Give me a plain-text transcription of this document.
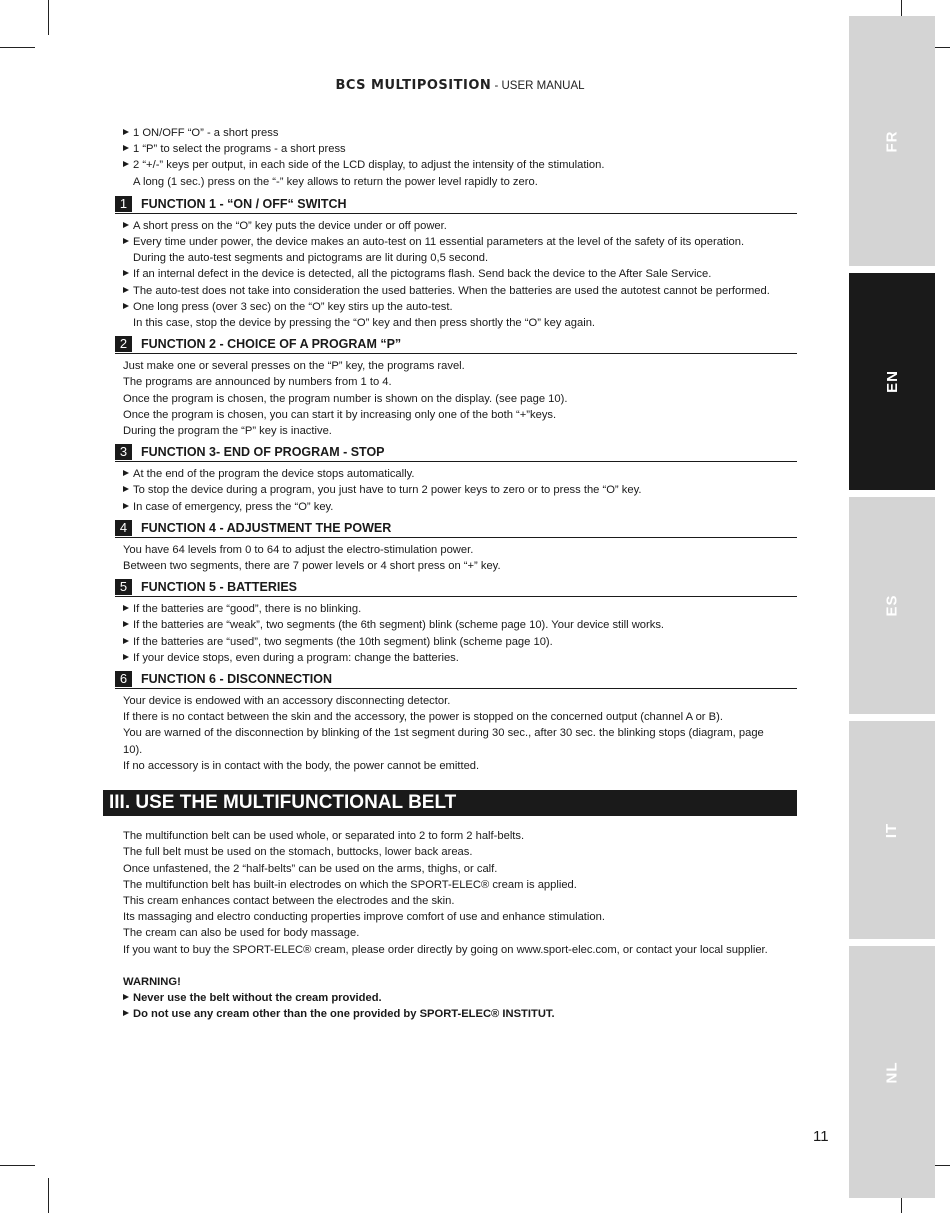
BCS MULTIPOSITION - USER MANUAL
1 ON/OFF “O” - a short press
1 “P” to select the programs - a short press
2 “+/-” keys per output, in each side of the LCD display, to adjust the intensity of the stimulation.
A long (1 sec.) press on the “-” key allows to return the power level rapidly to zero.
1	FUNCTION 1 - “ON / OFF“ SWITCH
A short press on the “O” key puts the device under or off power.
Every time under power, the device makes an auto-test on 11 essential parameters at the level of the safety of its operation.
During the auto-test segments and pictograms are lit during 0,5 second.
If an internal defect in the device is detected, all the pictograms flash. Send back the device to the After Sale Service.
The auto-test does not take into consideration the used batteries. When the batteries are used the autotest cannot be performed.
One long press (over 3 sec) on the “O” key stirs up the auto-test.
In this case, stop the device by pressing the “O” key and then press shortly the “O” key again.
2	FUNCTION 2 - CHOICE OF A PROGRAM “P”
Just make one or several presses on the “P” key, the programs ravel.
The programs are announced by numbers from 1 to 4.
Once the program is chosen, the program number is shown on the display. (see page 10).
Once the program is chosen, you can start it by increasing only one of the both “+”keys.
During the program the “P” key is inactive.
3	FUNCTION 3- END OF PROGRAM - STOP
At the end of the program the device stops automatically.
To stop the device during a program, you just have to turn 2 power keys to zero or to press the “O” key.
In case of emergency, press the “O” key.
4	FUNCTION 4 - ADJUSTMENT THE POWER
You have 64 levels from 0 to 64 to adjust the electro-stimulation power.
Between two segments, there are 7 power levels or 4 short press on “+” key.
5	FUNCTION 5 - BATTERIES
If the batteries are “good”, there is no blinking.
If the batteries are “weak”, two segments (the 6th segment) blink (scheme page 10). Your device still works.
If the batteries are “used”, two segments (the 10th segment) blink (scheme page 10).
If your device stops, even during a program: change the batteries.
6	FUNCTION 6 - DISCONNECTION
Your device is endowed with an accessory disconnecting detector.
If there is no contact between the skin and the accessory, the power is stopped on the concerned output (channel A or B).
You are warned of the disconnection by blinking of the 1st segment during 30 sec., after 30 sec. the blinking stops (diagram, page
10).
If no accessory is in contact with the body, the power cannot be emitted.
III. USE THE MULTIFUNCTIONAL BELT
The multifunction belt can be used whole, or separated into 2 to form 2 half-belts.
The full belt must be used on the stomach, buttocks, lower back areas.
Once unfastened, the 2 “half-belts” can be used on the arms, thighs, or calf.
The multifunction belt has built-in electrodes on which the SPORT-ELEC® cream is applied.
This cream enhances contact between the electrodes and the skin.
Its massaging and electro conducting properties improve comfort of use and enhance stimulation.
The cream can also be used for body massage.
If you want to buy the SPORT-ELEC® cream, please order directly by going on www.sport-elec.com, or contact your local supplier.
WARNING!
Never use the belt without the cream provided.
Do not use any cream other than the one provided by SPORT-ELEC® INSTITUT.
FR
EN
ES
IT
NL
11
